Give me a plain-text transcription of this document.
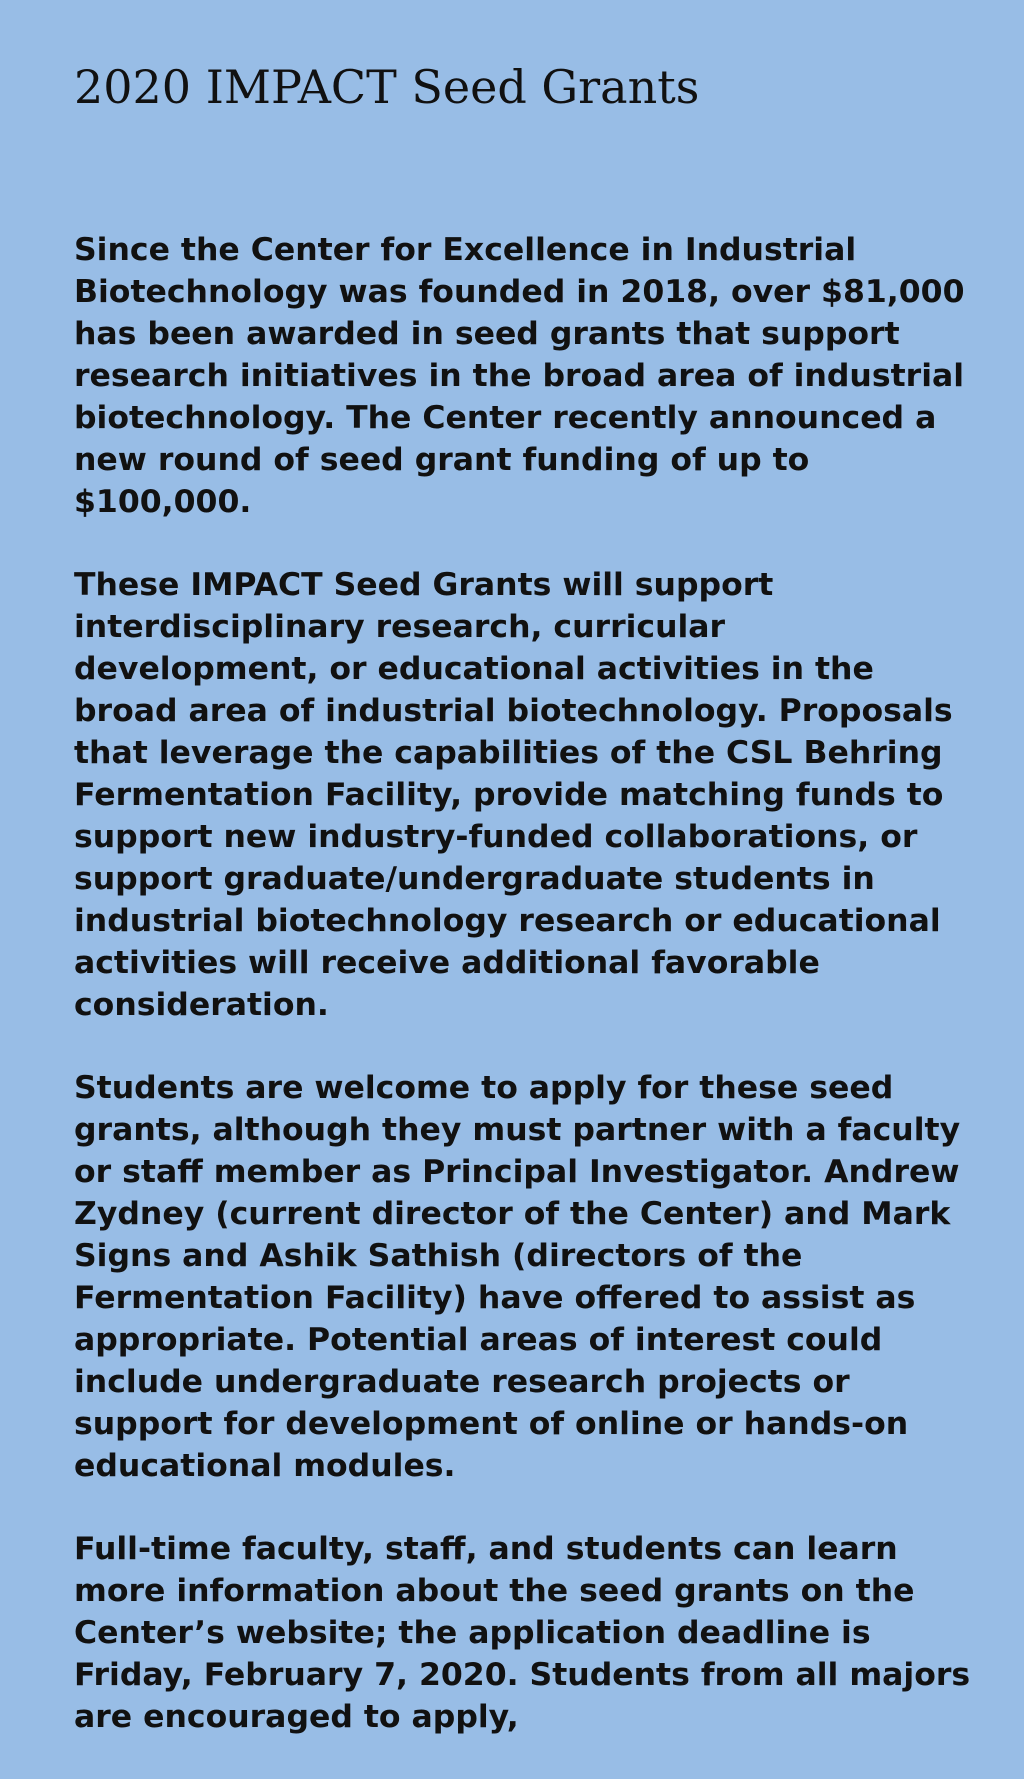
2020 IMPACT Seed Grants

Since the Center for Excellence in Industrial
Biotechnology was founded in 2018, over $81,000
has been awarded in seed grants that support
research initiatives in the broad area of industrial
biotechnology. The Center recently announced a
new round of seed grant funding of up to
$100,000.

These IMPACT Seed Grants will support
interdisciplinary research, curricular
development, or educational activities in the
broad area of industrial biotechnology. Proposals
that leverage the capabilities of the CSL Behring
Fermentation Facility, provide matching funds to
support new industry-funded collaborations, or
support graduate/undergraduate students in
industrial biotechnology research or educational
activities will receive additional favorable
consideration.

Students are welcome to apply for these seed
grants, although they must partner with a faculty
or staff member as Principal Investigator. Andrew
Zydney (current director of the Center) and Mark
Signs and Ashik Sathish (directors of the
Fermentation Facility) have offered to assist as
appropriate. Potential areas of interest could
include undergraduate research projects or
support for development of online or hands-on
educational modules.

Full-time faculty, staff, and students can learn
more information about the seed grants on the
Center’s website; the application deadline is
Friday, February 7, 2020. Students from all majors
are encouraged to apply,
